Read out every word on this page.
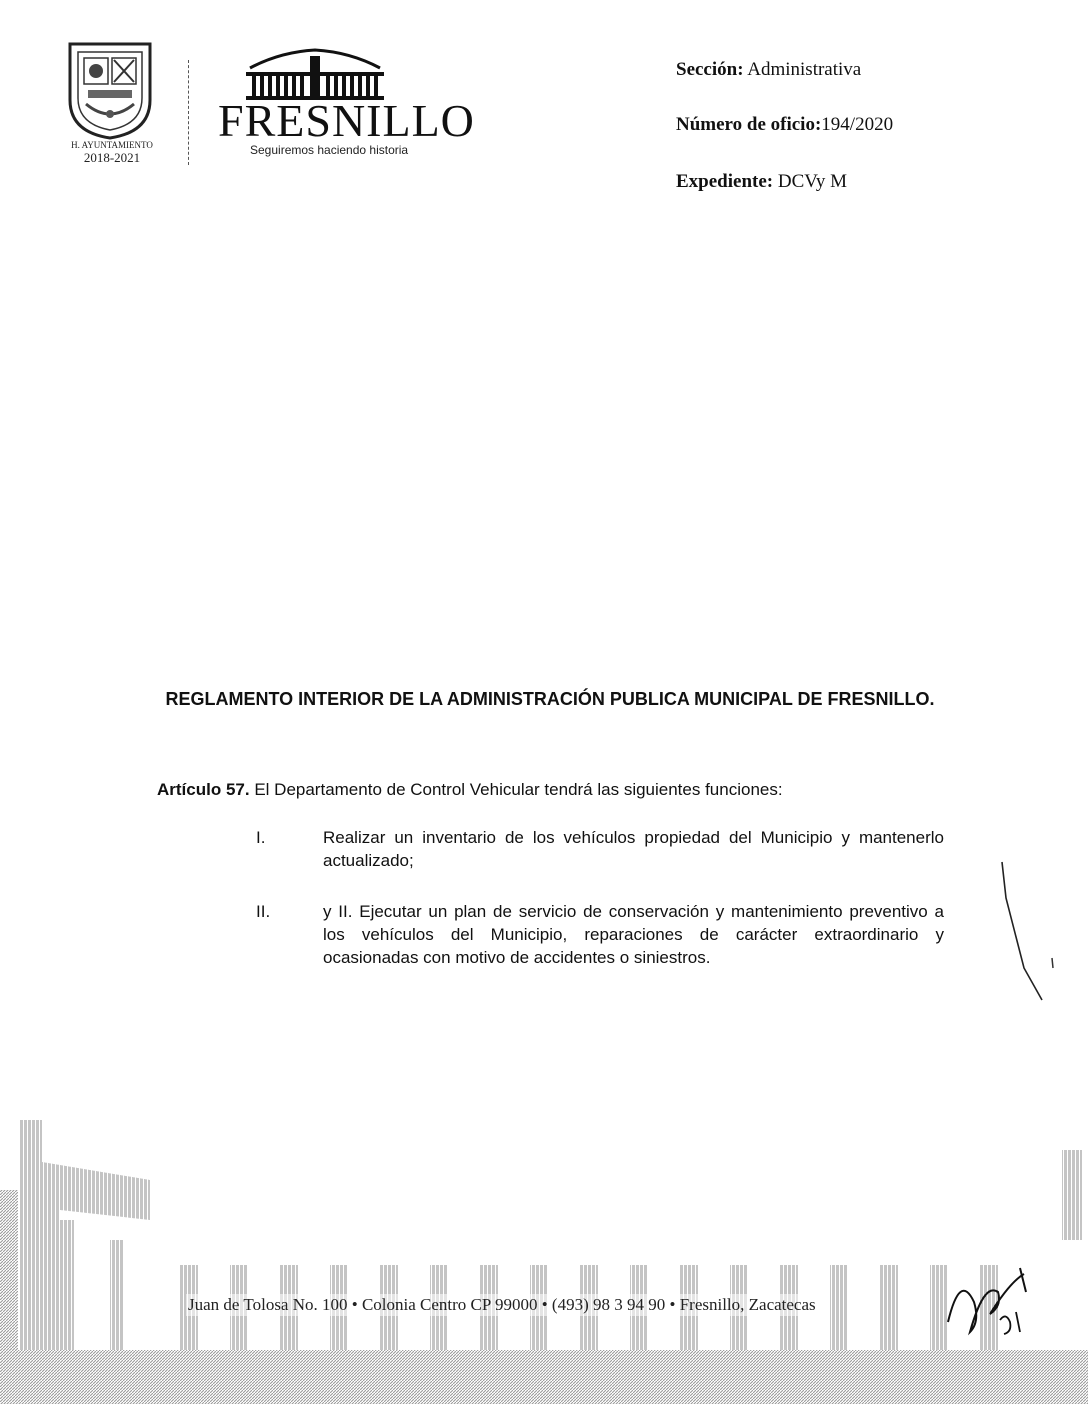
H. AYUNTAMIENTO
2018-2021
FRESNILLO
Seguiremos haciendo historia
Sección: Administrativa
Número de oficio:194/2020
Expediente: DCVy M
REGLAMENTO INTERIOR DE LA ADMINISTRACIÓN PUBLICA MUNICIPAL DE FRESNILLO.
Artículo 57. El Departamento de Control Vehicular tendrá las siguientes funciones:
I.	Realizar un inventario de los vehículos propiedad del Municipio y mantenerlo actualizado;
II.	y II. Ejecutar un plan de servicio de conservación y mantenimiento preventivo a los vehículos del Municipio, reparaciones de carácter extraordinario y ocasionadas con motivo de accidentes o siniestros.
Juan de Tolosa No. 100 • Colonia Centro CP 99000 • (493) 98 3 94 90 • Fresnillo, Zacatecas
